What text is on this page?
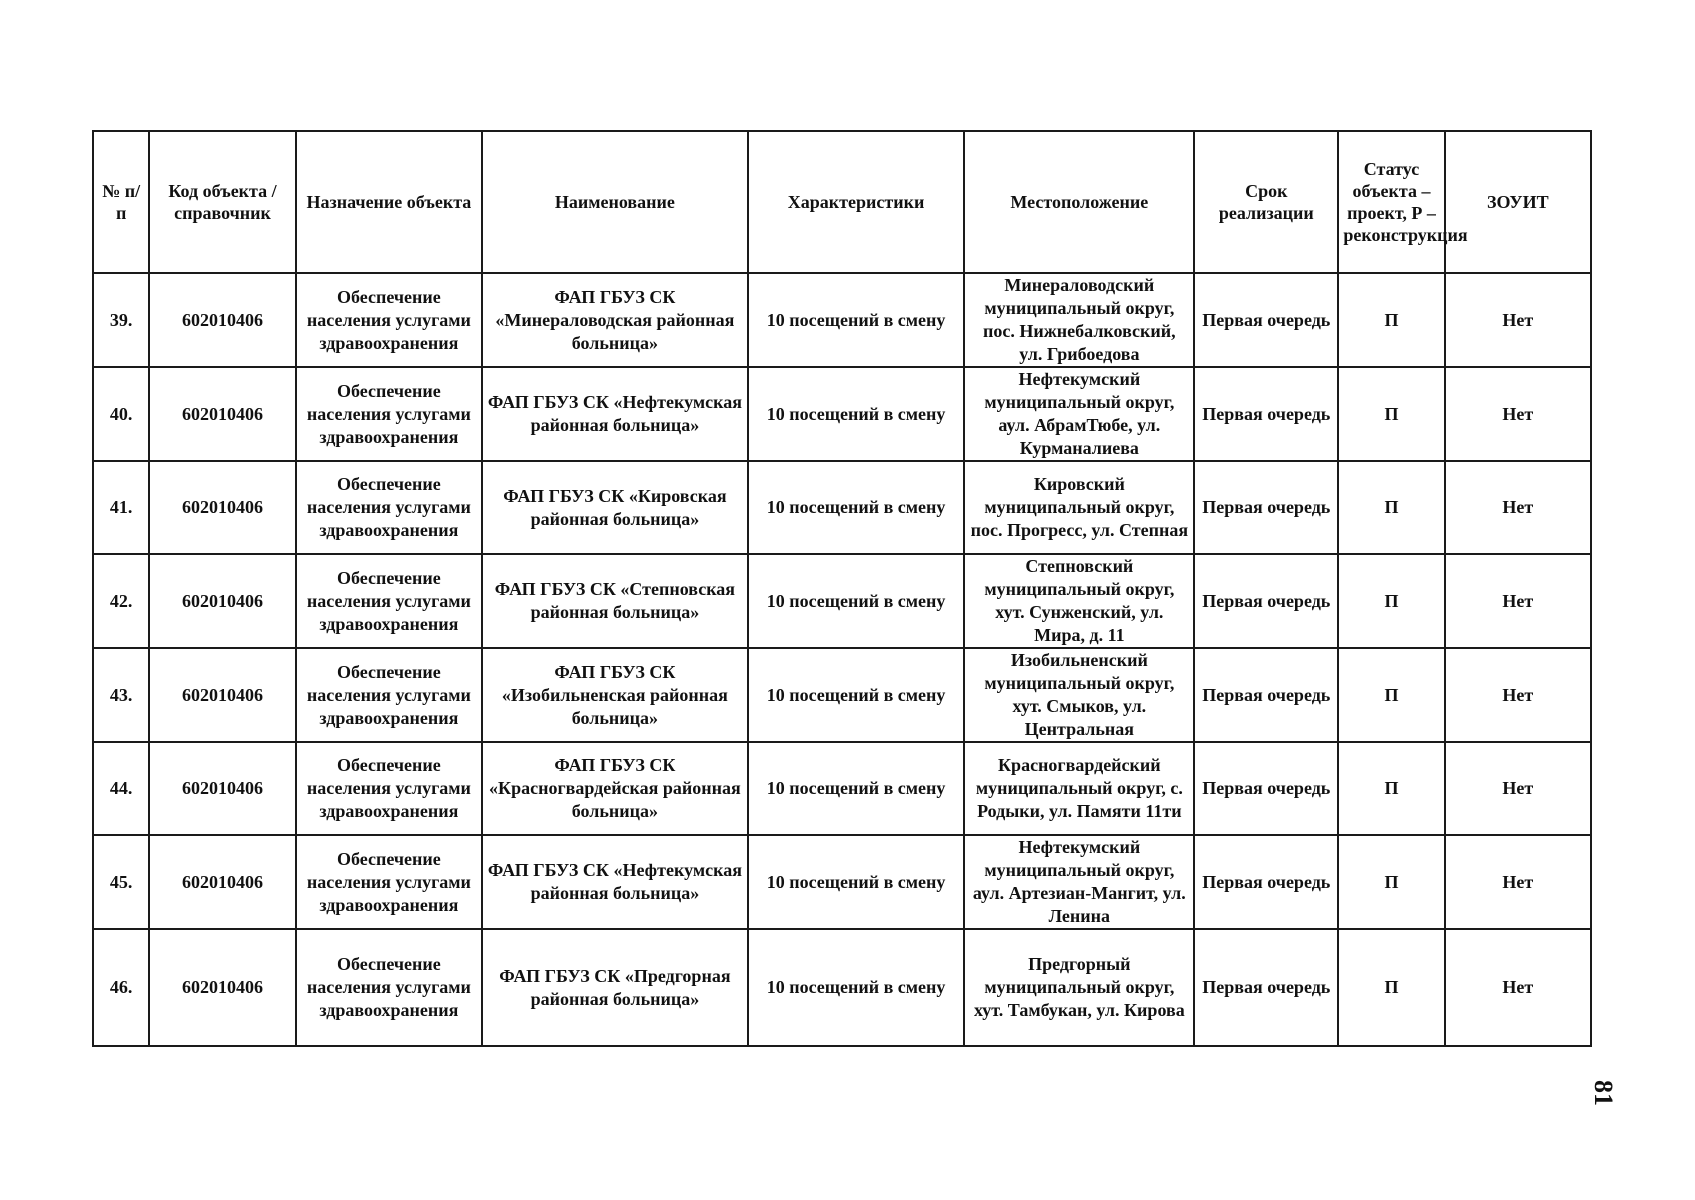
№ п/п	Код объекта / справочник	Назначение объекта	Наименование	Характеристики	Местоположение	Срок реализации	Статус объекта – проект, Р – реконструкция	ЗОУИТ
39.	602010406	Обеспечение населения услугами здравоохранения	ФАП ГБУЗ СК «Минераловодская районная больница»	10 посещений в смену	Минераловодский муниципальный округ, пос. Нижнебалковский, ул. Грибоедова	Первая очередь	П	Нет
40.	602010406	Обеспечение населения услугами здравоохранения	ФАП ГБУЗ СК «Нефтекумская районная больница»	10 посещений в смену	Нефтекумский муниципальный округ, аул. АбрамТюбе, ул. Курманалиева	Первая очередь	П	Нет
41.	602010406	Обеспечение населения услугами здравоохранения	ФАП ГБУЗ СК «Кировская районная больница»	10 посещений в смену	Кировский муниципальный округ, пос. Прогресс, ул. Степная	Первая очередь	П	Нет
42.	602010406	Обеспечение населения услугами здравоохранения	ФАП ГБУЗ СК «Степновская районная больница»	10 посещений в смену	Степновский муниципальный округ, хут. Сунженский, ул. Мира, д. 11	Первая очередь	П	Нет
43.	602010406	Обеспечение населения услугами здравоохранения	ФАП ГБУЗ СК «Изобильненская районная больница»	10 посещений в смену	Изобильненский муниципальный округ, хут. Смыков, ул. Центральная	Первая очередь	П	Нет
44.	602010406	Обеспечение населения услугами здравоохранения	ФАП ГБУЗ СК «Красногвардейская районная больница»	10 посещений в смену	Красногвардейский муниципальный округ, с. Родыки, ул. Памяти 11ти	Первая очередь	П	Нет
45.	602010406	Обеспечение населения услугами здравоохранения	ФАП ГБУЗ СК «Нефтекумская районная больница»	10 посещений в смену	Нефтекумский муниципальный округ, аул. Артезиан-Мангит, ул. Ленина	Первая очередь	П	Нет
46.	602010406	Обеспечение населения услугами здравоохранения	ФАП ГБУЗ СК «Предгорная районная больница»	10 посещений в смену	Предгорный муниципальный округ, хут. Тамбукан, ул. Кирова	Первая очередь	П	Нет
81
